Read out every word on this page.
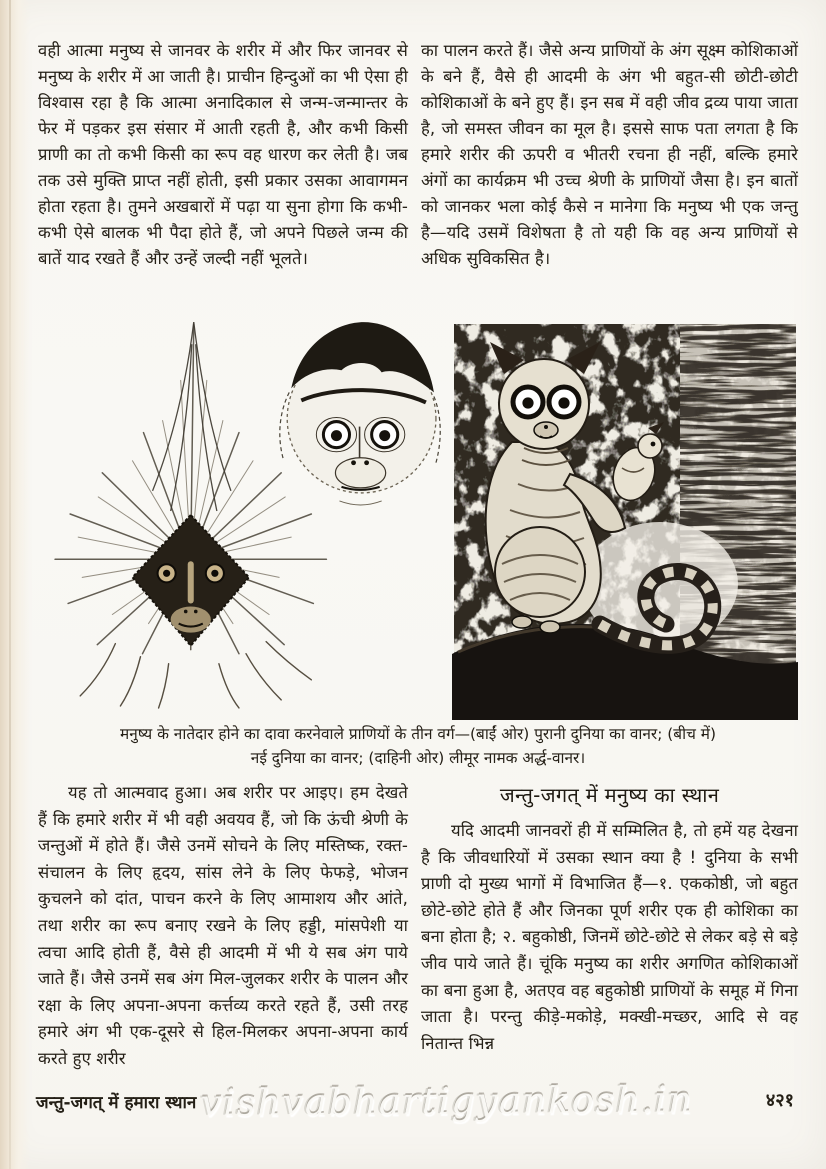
वही आत्मा मनुष्य से जानवर के शरीर में और फिर जानवर से मनुष्य के शरीर में आ जाती है। प्राचीन हिन्दुओं का भी ऐसा ही विश्वास रहा है कि आत्मा अनादिकाल से जन्म-जन्मान्तर के फेर में पड़कर इस संसार में आती रहती है, और कभी किसी प्राणी का तो कभी किसी का रूप वह धारण कर लेती है। जब तक उसे मुक्ति प्राप्त नहीं होती, इसी प्रकार उसका आवागमन होता रहता है। तुमने अखबारों में पढ़ा या सुना होगा कि कभी-कभी ऐसे बालक भी पैदा होते हैं, जो अपने पिछले जन्म की बातें याद रखते हैं और उन्हें जल्दी नहीं भूलते।

का पालन करते हैं। जैसे अन्य प्राणियों के अंग सूक्ष्म कोशिकाओं के बने हैं, वैसे ही आदमी के अंग भी बहुत-सी छोटी-छोटी कोशिकाओं के बने हुए हैं। इन सब में वही जीव द्रव्य पाया जाता है, जो समस्त जीवन का मूल है। इससे साफ पता लगता है कि हमारे शरीर की ऊपरी व भीतरी रचना ही नहीं, बल्कि हमारे अंगों का कार्यक्रम भी उच्च श्रेणी के प्राणियों जैसा है। इन बातों को जानकर भला कोई कैसे न मानेगा कि मनुष्य भी एक जन्तु है—यदि उसमें विशेषता है तो यही कि वह अन्य प्राणियों से अधिक सुविकसित है।

मनुष्य के नातेदार होने का दावा करनेवाले प्राणियों के तीन वर्ग—(बाईं ओर) पुरानी दुनिया का वानर; (बीच में)
नई दुनिया का वानर; (दाहिनी ओर) लीमूर नामक अर्द्ध-वानर।

यह तो आत्मवाद हुआ। अब शरीर पर आइए। हम देखते हैं कि हमारे शरीर में भी वही अवयव हैं, जो कि ऊंची श्रेणी के जन्तुओं में होते हैं। जैसे उनमें सोचने के लिए मस्तिष्क, रक्त-संचालन के लिए हृदय, सांस लेने के लिए फेफड़े, भोजन कुचलने को दांत, पाचन करने के लिए आमाशय और आंते, तथा शरीर का रूप बनाए रखने के लिए हड्डी, मांसपेशी या त्वचा आदि होती हैं, वैसे ही आदमी में भी ये सब अंग पाये जाते हैं। जैसे उनमें सब अंग मिल-जुलकर शरीर के पालन और रक्षा के लिए अपना-अपना कर्त्तव्य करते रहते हैं, उसी तरह हमारे अंग भी एक-दूसरे से हिल-मिलकर अपना-अपना कार्य करते हुए शरीर

जन्तु-जगत् में मनुष्य का स्थान

यदि आदमी जानवरों ही में सम्मिलित है, तो हमें यह देखना है कि जीवधारियों में उसका स्थान क्या है ! दुनिया के सभी प्राणी दो मुख्य भागों में विभाजित हैं—१. एककोष्ठी, जो बहुत छोटे-छोटे होते हैं और जिनका पूर्ण शरीर एक ही कोशिका का बना होता है; २. बहुकोष्ठी, जिनमें छोटे-छोटे से लेकर बड़े से बड़े जीव पाये जाते हैं। चूंकि मनुष्य का शरीर अगणित कोशिकाओं का बना हुआ है, अतएव वह बहुकोष्ठी प्राणियों के समूह में गिना जाता है। परन्तु कीड़े-मकोड़े, मक्खी-मच्छर, आदि से वह नितान्त भिन्न

जन्तु-जगत् में हमारा स्थान vishvabhartigyankosh.in	४२१
